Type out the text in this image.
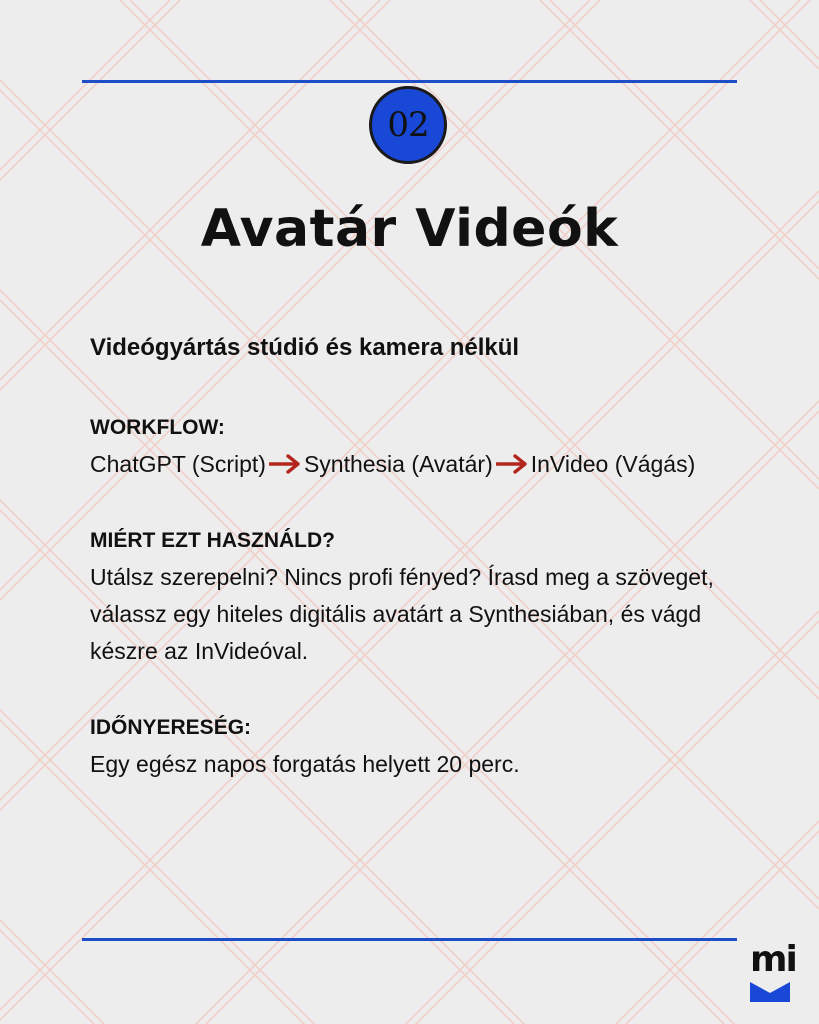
02
Avatár Videók

Videógyártás stúdió és kamera nélkül

WORKFLOW:

ChatGPT (Script) Synthesia (Avatár) InVideo (Vágás)

MIÉRT EZT HASZNÁLD?

Utálsz szerepelni? Nincs profi fényed? Írasd meg a szöveget, válassz egy hiteles digitális avatárt a Synthesiában, és vágd készre az InVideóval.

IDŐNYERESÉG:

Egy egész napos forgatás helyett 20 perc.

mi
